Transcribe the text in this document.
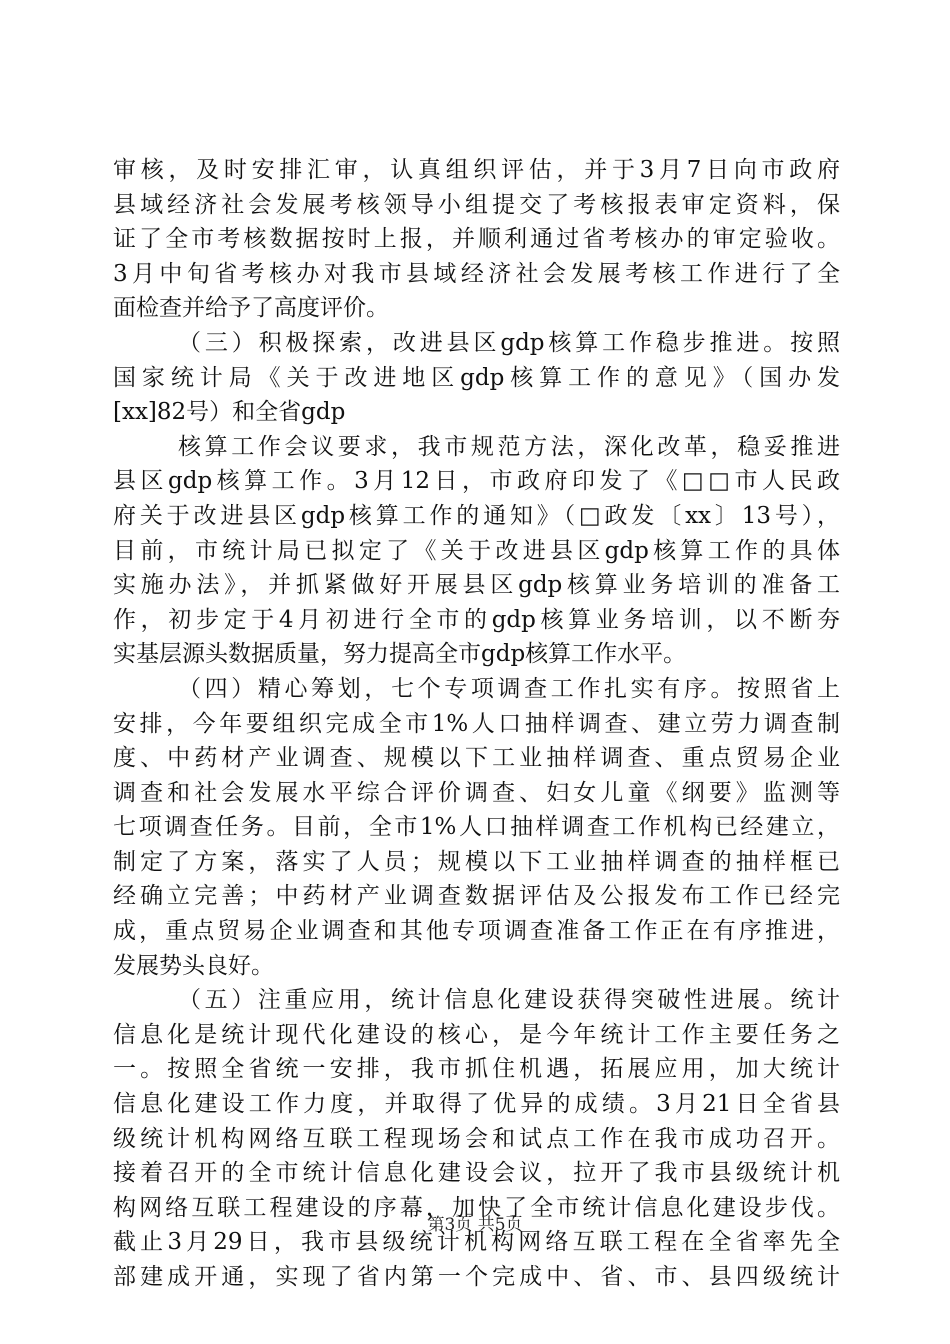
审核，及时安排汇审，认真组织评估，并于3月7日向市政府
县域经济社会发展考核领导小组提交了考核报表审定资料，保
证了全市考核数据按时上报，并顺利通过省考核办的审定验收。
3月中旬省考核办对我市县域经济社会发展考核工作进行了全
面检查并给予了高度评价。
（三）积极探索，改进县区gdp核算工作稳步推进。按照
国家统计局《关于改进地区gdp核算工作的意见》（国办发
[xx]82号）和全省gdp
核算工作会议要求，我市规范方法，深化改革，稳妥推进
县区gdp核算工作。3月12日，市政府印发了《□□市人民政
府关于改进县区gdp核算工作的通知》（□政发〔xx〕13号），
目前，市统计局已拟定了《关于改进县区gdp核算工作的具体
实施办法》，并抓紧做好开展县区gdp核算业务培训的准备工
作，初步定于4月初进行全市的gdp核算业务培训，以不断夯
实基层源头数据质量，努力提高全市gdp核算工作水平。
（四）精心筹划，七个专项调查工作扎实有序。按照省上
安排，今年要组织完成全市1%人口抽样调查、建立劳力调查制
度、中药材产业调查、规模以下工业抽样调查、重点贸易企业
调查和社会发展水平综合评价调查、妇女儿童《纲要》监测等
七项调查任务。目前，全市1%人口抽样调查工作机构已经建立，
制定了方案，落实了人员；规模以下工业抽样调查的抽样框已
经确立完善；中药材产业调查数据评估及公报发布工作已经完
成，重点贸易企业调查和其他专项调查准备工作正在有序推进，
发展势头良好。
（五）注重应用，统计信息化建设获得突破性进展。统计
信息化是统计现代化建设的核心，是今年统计工作主要任务之
一。按照全省统一安排，我市抓住机遇，拓展应用，加大统计
信息化建设工作力度，并取得了优异的成绩。3月21日全省县
级统计机构网络互联工程现场会和试点工作在我市成功召开。
接着召开的全市统计信息化建设会议，拉开了我市县级统计机
构网络互联工程建设的序幕，加快了全市统计信息化建设步伐。
截止3月29日，我市县级统计机构网络互联工程在全省率先全
部建成开通，实现了省内第一个完成中、省、市、县四级统计
第3页 共5页
